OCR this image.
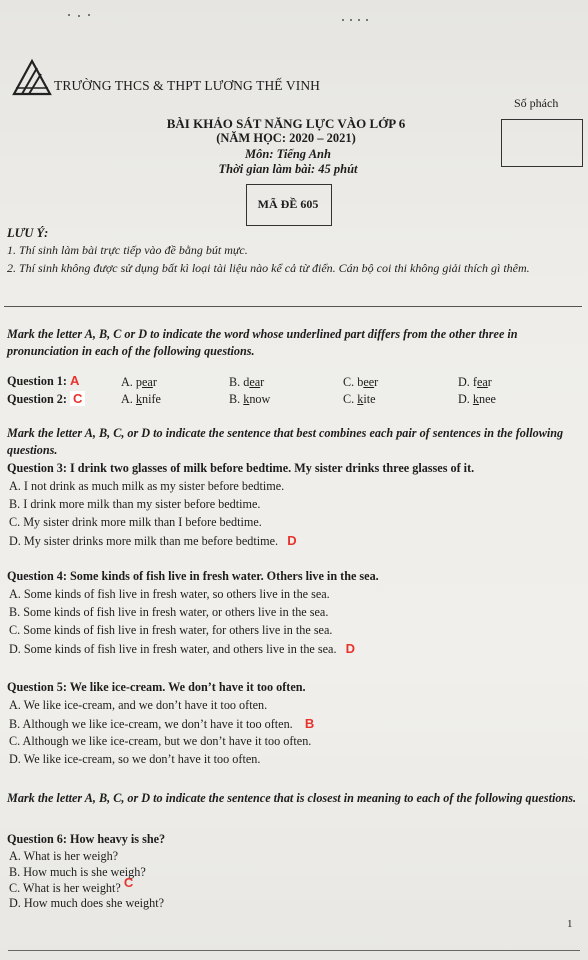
TRƯỜNG THCS & THPT LƯƠNG THẾ VINH
Số phách
BÀI KHẢO SÁT NĂNG LỰC VÀO LỚP 6
(NĂM HỌC: 2020 – 2021)
Môn: Tiếng Anh
Thời gian làm bài: 45 phút
MÃ ĐỀ 605
LƯU Ý:
1. Thí sinh làm bài trực tiếp vào đề bằng bút mực.
2. Thí sinh không được sử dụng bất kì loại tài liệu nào kể cả từ điển. Cán bộ coi thi không giải thích gì thêm.
Mark the letter A, B, C or D to indicate the word whose underlined part differs from the other three in pronunciation in each of the following questions.
Question 1: A	A. pear	B. dear	C. beer	D. fear
Question 2: C	A. knife	B. know	C. kite	D. knee
Mark the letter A, B, C, or D to indicate the sentence that best combines each pair of sentences in the following questions.
Question 3: I drink two glasses of milk before bedtime. My sister drinks three glasses of it.
A. I not drink as much milk as my sister before bedtime.
B. I drink more milk than my sister before bedtime.
C. My sister drink more milk than I before bedtime.
D. My sister drinks more milk than me before bedtime. D
Question 4: Some kinds of fish live in fresh water. Others live in the sea.
A. Some kinds of fish live in fresh water, so others live in the sea.
B. Some kinds of fish live in fresh water, or others live in the sea.
C. Some kinds of fish live in fresh water, for others live in the sea.
D. Some kinds of fish live in fresh water, and others live in the sea. D
Question 5: We like ice-cream. We don’t have it too often.
A. We like ice-cream, and we don’t have it too often.
B. Although we like ice-cream, we don’t have it too often. B
C. Although we like ice-cream, but we don’t have it too often.
D. We like ice-cream, so we don’t have it too often.
Mark the letter A, B, C, or D to indicate the sentence that is closest in meaning to each of the following questions.
Question 6: How heavy is she?
A. What is her weigh?
B. How much is she weigh?
C. What is her weight? C
D. How much does she weight?
1
